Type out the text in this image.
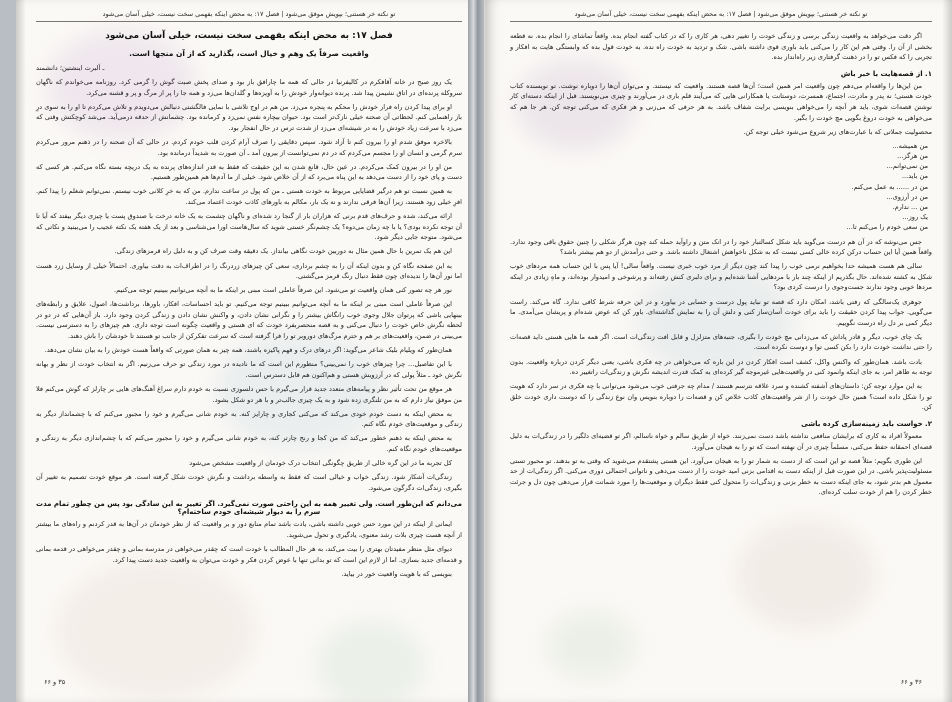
تو نکته خر هستنی؛ بپویش موفق می‌شود | فصل ۱۷: به محض اینکه بفهمی سخت نیست، خیلی آسان می‌شود

اگر دقت می‌خواهد به واقعیت زندگی برسی و زندگی خودت را تغییر دهی، هر کاری را که در کتاب گفته انجام بده. واقعاً تماشای را انجام بده. نه قطعه بخشی از آن را. وقتی هم این کار را می‌کنی باید باوری قوی داشته باشی. شک و تردید به خودت راه نده. به خودت قول بده که وابستگی هایت به افکار و تجربی را که فکس تو را در ذهنت گرفتاری زیر راه‌انداز بده.

۱. از قصه‌هایت با خبر باش

من این‌ها را واقعه‌ام می‌دهم چون واقعیت امر همین است؛ آن‌ها قصه هستند. واقعیت که نیستند. و می‌توان آن‌ها را دوباره نوشت. تو نویسنده کتاب خودت هستی؛ نه پدر و مادرت، اجتماع، همسرت، دوستانت یا همکارانی هایی که می‌آیند قلم باری در می‌آورند و چیزی می‌نویسند. قبل از اینکه دسته‌ای کار نوشتن قصه‌ات شوی، باید هر آنچه را می‌خواهی بنویسی برایت شفاف باشد. به هر حرفی که می‌زنی و هر فکری که می‌کنی توجه کن. هر جا هم که می‌خواهی به خودت دروغ بگویی مچ خودت را بگیر.

محصولیت جملاتی که با عبارت‌های زیر شروع می‌شود خیلی توجه کن.

من همیشه...
من هرگز...
من نمی‌توانم...
من باید...
من در ...... به عمل می‌کنم.
من در آرزوی...
من ... ندارم.
یک روز...
من سعی خودم را می‌کنم تا...

جس می‌نوشه که در آن هم درست می‌گوید باید شکل کسالتبار خود را در انک متن و راوآید حمله کند چون هرگز شکلی را چنین حقوق باقی وجود ندارد. واقعاً همین آیا این حساب درکن کرده خالی کسی نیست که به شکل ناخواهش اشتغال داشته باشد. و حتی درآمدش از دو هم بیشتر باشد؟

سالی هم هست همیشه حدا بخواهیم نرمی خوب را پیدا کند چون دیگر از مرد خوب خبری نیست. واقعاً سالی! آیا پس با این حساب همه مردهای خوب شکل به کشته شده‌اند. حال بگذریم از اینکه چند بار با مردهایی آشنا شده‌ایم و برای دلبری کنش رفته‌اند و پرشوخی و امیدوار بوده‌اند، و ماهِ زیادی در اینکه مردها خوبی وجود ندارند جست‌وجوی را درست کردی بود؟

جوهری یک‌سالگی که رفتی باشد، امکان دارد که قصه تو نباید پول درست و حسابی در بیاورد و در این حرفه شرط کافی ندارد. گاه می‌کند. راست می‌گویی. جواب پیدا کردن حقیقت را باید برای خودت آسان‌ساز کنی و دلش آن را به نمایش‌ گذاشته‌ای. باور کن که عوض شده‌ام و پریشان می‌آمدی. ما دیگر کمی بر دل راه درست نگوییم.

یک چای خوب، دیگر و قادر پاداش که می‌زدانی مچ خودت را بگیری، جنبه‌های متزلزل و قابل افت زندگی‌ات است. اگر همه ما هایی هستی داید قصه‌ات را حتی نداشت خودت دارد را بکن کسی توا و دوست نکرده است.

بادت باشد. همان‌طور که واکنس واکل، کشف است افکار کردن در این باره که می‌خواهی در چه فکری باشی، یعنی دیگر کردن درباره واقعیت. بدون توجه به ظاهر امر، به جای اینکه وانمود کنی در واقعیت‌هایی غیرموجه گیر کرده‌ای به کمک قدرت اندیشه نگرش و زندگی‌ات راتغییر ده.

به این موارد توجه کن: داستان‌های آشفته کشنده و سرد علاقه نترسم هستند / مدام چه جرفتی خوب می‌شود می‌توانی با چه فکری در سر دارد که هویت تو را شکل داده است؟ همین حال خودت را از شر واقعیت‌های کاذب خلاص کن و قصه‌ات را دوباره بنویس وان نوع زندگی را که دوست داری خودت خلق کن.

۲. خواست باید زمینه‌سازی کرده باشی

معمولاً افراد به کاری که برایشان منافعی نداشته باشد دست نمی‌زنند. خواه از طریق سالم و خواه ناسالم، اگر تو قضیه‌ای دلگیر را در زندگی‌ات به دلیل قصه‌ای احمقانه حفظ می‌کنی، مسلماً چیزی در آن نهفته است که تو را به هیجان می‌آورد.

این طوری بگویم: مثلاً قصه تو این است که از دست به شمار تو را به هیجان می‌آورد. این هستی پشتقدم می‌شوید که وقتی به تو بدهند. تو محبور تستی مسئولیت‌پذیر باشی. در این صورت قبل از اینکه دست به اقدامی بزنی امید خودت را از دست می‌دهی و ناتوانی احتمالی دوری می‌کنی. اگر زندگی‌ات از حد معمول هم بدتر شود، به جای اینکه دست به خطر بزنی و زندگی‌ات را متحول کنی فقط دیگران و موقعیت‌ها را مورد شماتت قرار می‌دهی چون دل و جرئت خطر کردن را هم از خودت سلب کرده‌ای.

۳۶ و ۶۶
تو نکته خر هستنی؛ بپویش موفق می‌شود | فصل ۱۷: به محض اینکه بفهمی سخت نیست، خیلی آسان می‌شود
فصل ۱۷: به محض اینکه بفهمی سخت نیست، خیلی آسان می‌شود
واقعیت صرفاً یک وهم و خیال است، بگذارید که از آن منجها است.

ـ آلبرت اینشتین؛ دانشمند

یک روز صبح در خانه آقافکرم در کالیفرنیا در حالی که همه ما چارافق باز بود و صدای پخش صبت گوش را گرمی کرد. روزنامه می‌خواندم که ناگهان سروکله پرنده‌ای در اتاق نشیمن پیدا شد. پرنده دیوانه‌وار خودش را به آویزه‌ها و گلدان‌ها می‌زد و همه جا را پر از مرگ و پر و قشنه می‌کرد.

او برای پیدا کردن راه فرار خودش را محکم به پنجره می‌زد. من هم در اوج تلاشی با نمایی فالگشتی دنبالش می‌دویدم و تلاش می‌کردم تا او را به سوی درِ باز راهنمایی کنم. لحظاتی آن صحنه خیلی نازک‌تر است بود. حیوان بیچاره نفس نمی‌زد و کرمانده بود. چشمانش از حدقه درمی‌آید. می‌شد کوچکتش وقتی که می‌زد با سرعت زیاد خودش را به در شیشه‌ای می‌زد از شدت ترس در حال انفجار بود.

بالاخره موفق شدم او را بیرون کنم تا آزاد شود. سپس دقایقی را صرف آرام کردن قلب خودم کردم. در حالی که آن صحنه را در ذهنم مرور می‌کردم سرم گرمی و انسان او را مجسم می‌کردم که در دم نمی‌توانست از بیرون آمد ـ آن صورت به شدیداً‌ درمانده بود.

من او را در بیرون کمک می‌کردم. در عین حال، قانع شدن به این حقیقت که فقط به قدر اندازه‌های پرنده به یک دریچه بسته نگاه می‌کنم. هر کسی که دست و پای خود را از دست می‌دهد به این پناه می‌برد که از آن خلاص شود. خیلی از ما آدم‌ها هم همین‌طور هستیم.

به همین نسبت تو هم درگیر قضایایی مربوط به خودت هستی ـ من که پول در ساعت ندارم. من که به خرِ کلانی خوب نیستم. نمی‌توانم شغلم را پیدا کنم. افرِ خیلی زود هستند، زیرا آن‌ها فرقی ندارند و نه یک بار، مکالم به باورهای کاذب خودت اعتماد می‌کند.

ارائه می‌کند، شده و حرف‌های قدم برنی که هزاران بار از گنجا رد شده‌ای و ناگهان چشمت به یک خانه درخت با صندوق پست یا چیزی دیگر بیفتد که آیا تا آن توجه نکرده بودی؟ یا با چه زمان می‌دوه؟ یک چشم‌نگر خستی شوید که سال‌هاست اورا می‌شناسی و بعد از یک هفته یک نکته عجیب را می‌بینید و نکاتی که می‌شود. متوجه جایی دیگر شود.

این هم یک تمرین با حال همین مثال به دوربین خودت نگاهی بیانداز. یک دقیقه وقت صرف کن و به دلیل راه قرمزهای زندگی.

به این صفحه نگاه کن و بدون اینکه آن را به چشم برداری، سعی کن چیزهای زردرنگ را در اطراف‌ات به دقت بیاوری. احتمالاً خیلی از وسایل زرد هست اما نور آن‌ها را ندیده‌ای چون فقط دنبال رنگ قرمز می‌گشتی.

نور هر چه تصور کنی همان واقعیت تو می‌شود. این صرفاً عاملی است مبنی بر اینکه ما به آنچه می‌توانیم ببینیم توجه می‌کنیم.

این صرفاً عاملی است مبنی بر اینکه ما به آنچه می‌توانیم ببینیم توجه می‌کنیم. تو باید احساسات، افکار، باورها، برداشت‌ها، اصول، علایق و رابطه‌های بینهایی باشی که پرتوان جلال وجوی خوب رانگاش بیشتر را و نگرانی نشان دادن، و واکنش نشان دادن و زندگی کردن وجود دارد. باز آن‌هایی که در دو در لحظه نگرش خاص خودت را دنبال می‌کنی و به قصه منحصربفرد خودت که ای هستی و واقعیت چگونه است توجه داری. هم چیزهای را به دسترسی نیست. می‌بینی در ضمن، واقعیت‌های بر هم و حترم مرگ‌های دوروبر تو را فرا گرفته است که سرعت تفکرکن از جانب تو هستند تا خودشان را باش دهند.

همان‌طور که ویلیام بلیک شاعر می‌گوید: اگر درهای درک و فهم پاکیزه باشند، همه چیز به همان صورتی که واقعاً هست خودش را به بیان نشان می‌دهد.

با این تفاصیل... چرا چیزهای خوب را نمی‌بینی؟ منظورم این است که ما نادیده در مورد زندگی تو حرف می‌زنیم. اگر به انتخاب خودت از نظر و بهانه نگرش خود ـ مثلاً پولی که در آرزویش هستی و هم‌اکنون هم قابل دسترس است.

هر موقع من تحت تأثیر نظر و پیامه‌های متعدد جدید قرار می‌گیرم با حس دلسوزی نسبت به خودم دارم سراغ آهنگ‌های هایی بر چارلز که گوش می‌کنم فلا من موفق نیاز دارم که به من تلنگری زده شود و به یک چیزی جالب‌تر و با هر دو شکل بشود.

به محض اینکه به دست خودم خودی می‌کند که می‌کنی کجاری و چارایز کنه. به خودم شانی می‌گیرم و خود را مجبور می‌کنم که با چشمانداز دیگر به زندگی و موقعیت‌های خودم نگاه کنم.

به محض اینکه به ذهنم خطور می‌کند که من کجا و رنج چارتر کنه، به خودم شانی می‌گیرم و خود را مجبور می‌کنم که با چشم‌اندازی دیگر به زندگی و موقعیت‌های خودم نگاه کنم.

کل تجربه ما در این گره خالی از طریق چگونگی انتخاب درک خودمان از واقعیت مشخص می‌شود

زندگی‌ات آشکار شود. زندگی خواب و خیالی است که فقط به واسطه برداشت و نگرش خودت شکل گرفته است. هر موقع خودت تصمیم به تغییر آن بگیری، زندگی‌ات دگرگون می‌شود.

می‌دانم که این‌طور است. ولی تغییر همه به این راحتی صورت نمی‌گیرد. اگر تغییر به این سادگی بود پس من چطور تمام مدت سرم را به دیوار شیشه‌ای خودم ساخته‌ام؟

ایمانی از اینکه در این مورد حس خوبی داشته باشی، یادت باشد تمام منابع دور و بر واقعیت که از نظر خودمان در آن‌ها به قدر کردنم و راه‌های ما بیشتر از آنچه هست چیزی بلات رشد معنوی، یادگیری و تحول می‌شوید.

دیوای مثل منظر مفیدتان بهتری را بیت می‌کند، به هر حال المطالب با خودت است که چقدر می‌خواهی در مدرسه بمانی و چقدر می‌خواهی در قدمه بمانی و قدمه‌ای جدید بسازی. اما از لازم این است که تو بدانی تنها با عوض کردن فکر و خودت می‌توان به واقعیت جدید دست پیدا کرد.

بنویسی که با هویت واقعیت خور در بیاید.

۳۵ و ۶۶
